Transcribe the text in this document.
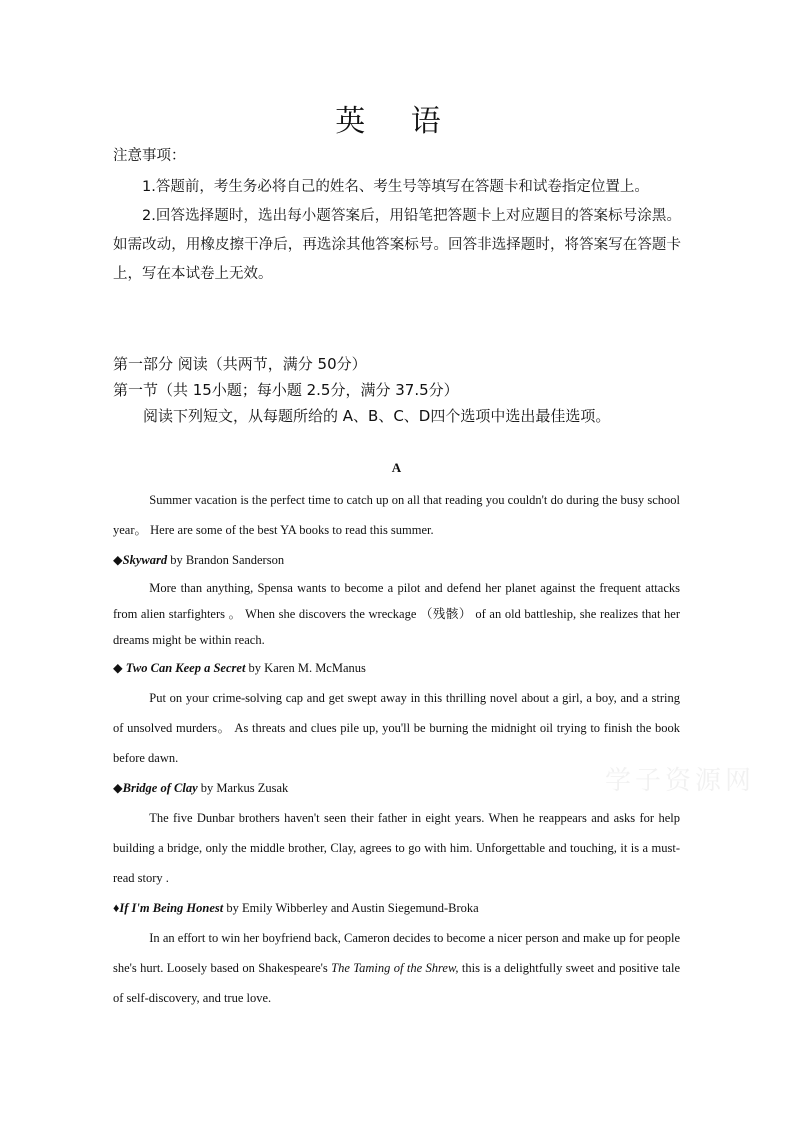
英 语
注意事项：

1.答题前，考生务必将自己的姓名、考生号等填写在答题卡和试卷指定位置上。

2.回答选择题时，选出每小题答案后，用铅笔把答题卡上对应题目的答案标号涂黑。 如需改动，用橡皮擦干净后，再选涂其他答案标号。回答非选择题时，将答案写在答题卡 上，写在本试卷上无效。

第一部分 阅读（共两节，满分 50分）
第一节（共 15小题；每小题 2.5分，满分 37.5分）
阅读下列短文，从每题所给的 A、B、C、D四个选项中选出最佳选项。
A

Summer vacation is the perfect time to catch up on all that reading you couldn't do during the busy school year。 Here are some of the best YA books to read this summer.

◆Skyward by Brandon Sanderson

More than anything, Spensa wants to become a pilot and defend her planet against the frequent attacks from alien starfighters 。 When she discovers the wreckage （残骸） of an old battleship, she realizes that her dreams might be within reach.

◆ Two Can Keep a Secret by Karen M. McManus

Put on your crime-solving cap and get swept away in this thrilling novel about a girl, a boy, and a string of unsolved murders。 As threats and clues pile up, you'll be burning the midnight oil trying to finish the book before dawn.

◆Bridge of Clay by Markus Zusak

The five Dunbar brothers haven't seen their father in eight years. When he reappears and asks for help building a bridge, only the middle brother, Clay, agrees to go with him. Unforgettable and touching, it is a must-read story .

♦If I'm Being Honest by Emily Wibberley and Austin Siegemund-Broka

In an effort to win her boyfriend back, Cameron decides to become a nicer person and make up for people she's hurt. Loosely based on Shakespeare's The Taming of the Shrew, this is a delightfully sweet and positive tale of self-discovery, and true love.

学子资源网
